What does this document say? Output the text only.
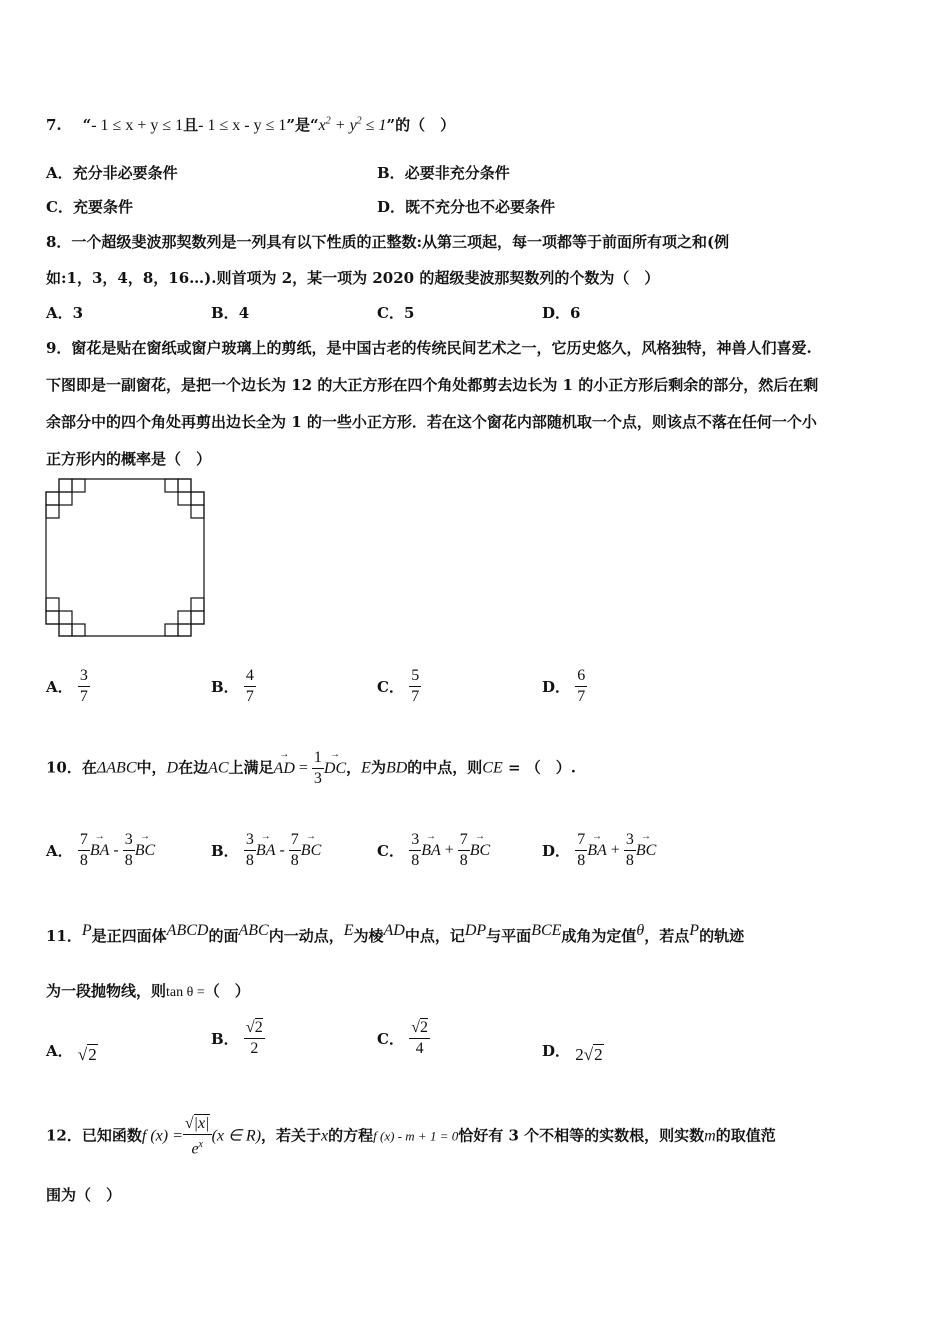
7. “- 1 ≤ x + y ≤ 1且- 1 ≤ x - y ≤ 1”是“$x^2 + y^2 \le 1$”的（　）
A．充分非必要条件	B．必要非充分条件
C．充要条件	D．既不充分也不必要条件
8．一个超级斐波那契数列是一列具有以下性质的正整数:从第三项起，每一项都等于前面所有项之和(例
如:1，3，4，8，16…).则首项为 2，某一项为 2020 的超级斐波那契数列的个数为（　）
A．3	B．4	C．5	D．6
9．窗花是贴在窗纸或窗户玻璃上的剪纸，是中国古老的传统民间艺术之一，它历史悠久，风格独特，神兽人们喜爱.
下图即是一副窗花，是把一个边长为 12 的大正方形在四个角处都剪去边长为 1 的小正方形后剩余的部分，然后在剩
余部分中的四个角处再剪出边长全为 1 的一些小正方形．若在这个窗花内部随机取一个点，则该点不落在任何一个小
正方形内的概率是（　）
A． $\frac{3}{7}$	B． $\frac{4}{7}$	C． $\frac{5}{7}$	D． $\frac{6}{7}$
10．在ΔABC中，D在边AC上满足→ AD = $\frac{1}{3}$ → DC，E为BD的中点，则CE = （　）.
A． $\frac{7}{8}$ → BA - $\frac{3}{8}$ → BC	B． $\frac{3}{8}$ → BA - $\frac{7}{8}$ → BC	C． $\frac{3}{8}$ → BA + $\frac{7}{8}$ → BC	D． $\frac{7}{8}$ → BA + $\frac{3}{8}$ → BC
11．P是正四面体ABCD的面ABC内一动点，E为棱AD中点，记DP与平面BCE成角为定值θ，若点P的轨迹
为一段抛物线，则tan θ =（　）
A． √2
B． $\frac{√2}{2}$	C． $\frac{√2}{4}$	D． 2√2
12．已知函数f $(x) = \frac{√|x|}{e^x} (x$ ∈ R)，若关于x的方程f (x) - m + 1 = 0恰好有 3 个不相等的实数根，则实数m的取值范
围为（　）
